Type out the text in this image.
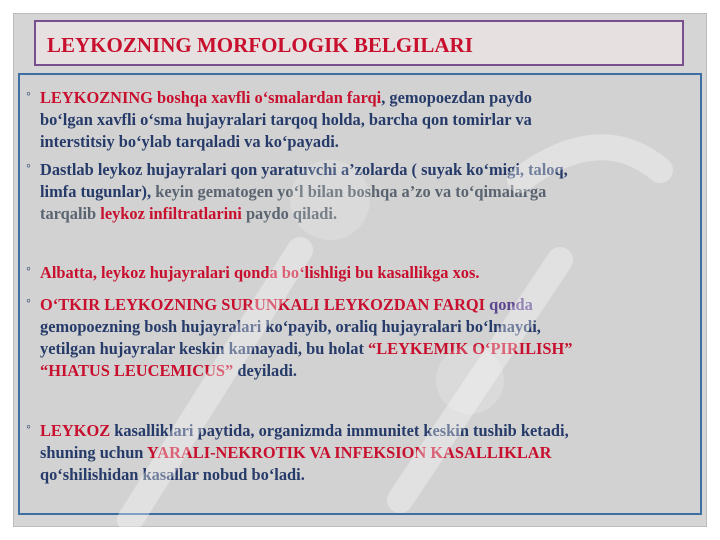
LEYKOZNING MORFOLOGIK BELGILARI
◦ LEYKOZNING boshqa xavfli o‘smalardan farqi, gemopoezdan paydo
bo‘lgan xavfli o‘sma hujayralari tarqoq holda, barcha qon tomirlar va
interstitsiy bo‘ylab tarqaladi va ko‘payadi.

◦ Dastlab leykoz hujayralari qon yaratuvchi a’zolarda ( suyak ko‘migi, taloq,
limfa tugunlar), keyin gematogen yo‘l bilan boshqa a’zo va to‘qimalarga
tarqalib leykoz infiltratlarini paydo qiladi.

◦ Albatta, leykoz hujayralari qonda bo‘lishligi bu kasallikga xos.

◦ O‘TKIR LEYKOZNING SURUNKALI LEYKOZDAN FARQI qonda
gemopoezning bosh hujayralari ko‘payib, oraliq hujayralari bo‘lmaydi,
yetilgan hujayralar keskin kamayadi, bu holat “LEYKEMIK O‘PIRILISH”
“HIATUS LEUCEMICUS” deyiladi.

◦ LEYKOZ kasalliklari paytida, organizmda immunitet keskin tushib ketadi,
shuning uchun YARALI-NEKROTIK VA INFEKSION KASALLIKLAR
qo‘shilishidan kasallar nobud bo‘ladi.
